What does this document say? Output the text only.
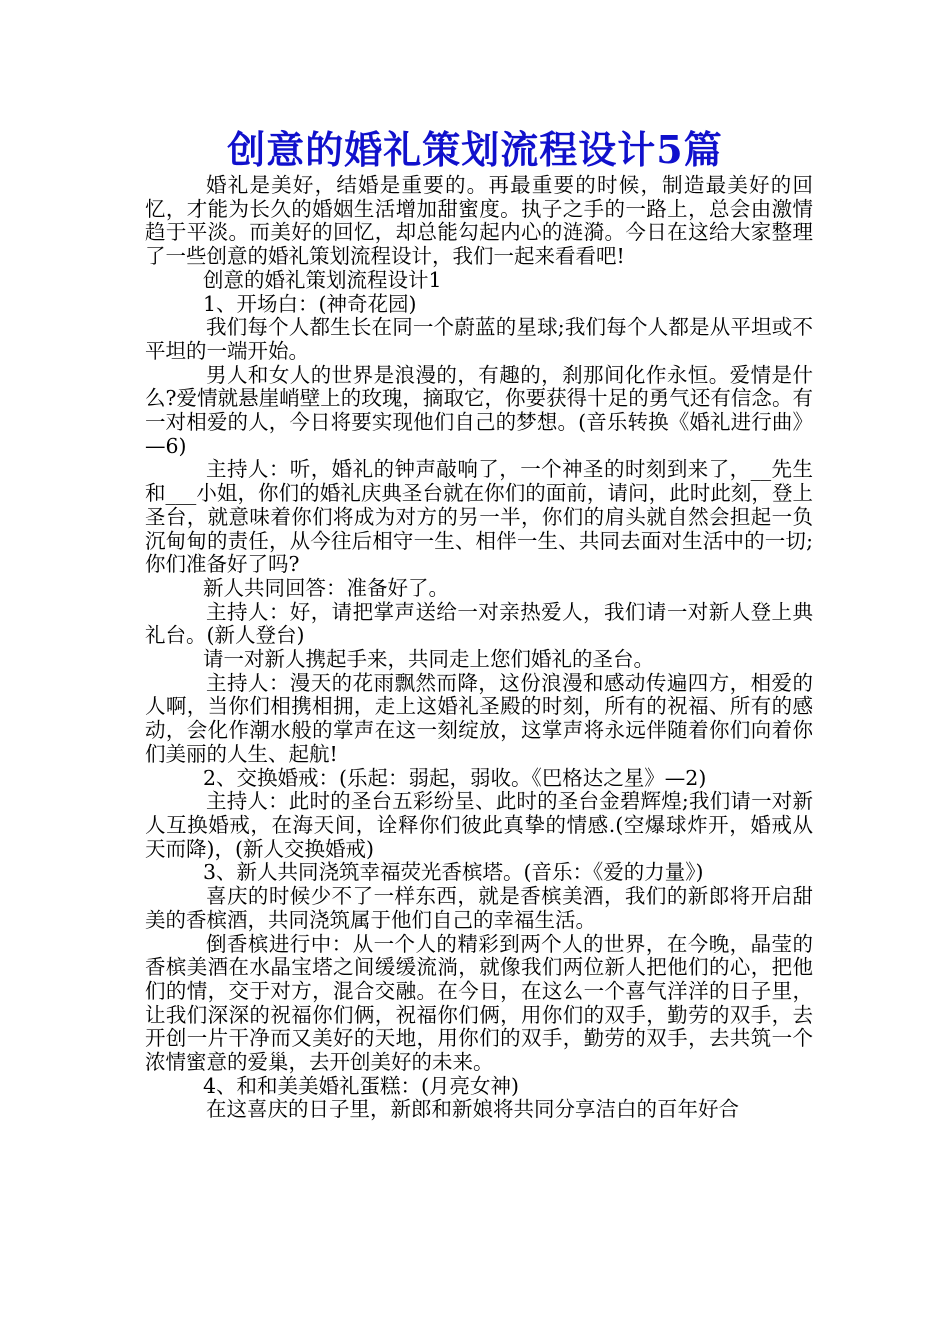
创意的婚礼策划流程设计5篇

婚礼是美好，结婚是重要的。再最重要的时候，制造最美好的回忆，才能为长久的婚姻生活增加甜蜜度。执子之手的一路上，总会由激情趋于平淡。而美好的回忆，却总能勾起内心的涟漪。今日在这给大家整理了一些创意的婚礼策划流程设计，我们一起来看看吧!

创意的婚礼策划流程设计1

1、开场白：(神奇花园)

我们每个人都生长在同一个蔚蓝的星球;我们每个人都是从平坦或不平坦的一端开始。

男人和女人的世界是浪漫的，有趣的，刹那间化作永恒。爱情是什么?爱情就悬崖峭壁上的玫瑰，摘取它，你要获得十足的勇气还有信念。有一对相爱的人，今日将要实现他们自己的梦想。(音乐转换《婚礼进行曲》—6)

主持人：听，婚礼的钟声敲响了，一个神圣的时刻到来了，__先生和___小姐，你们的婚礼庆典圣台就在你们的面前，请问，此时此刻，登上圣台，就意味着你们将成为对方的另一半，你们的肩头就自然会担起一负沉甸甸的责任，从今往后相守一生、相伴一生、共同去面对生活中的一切;你们准备好了吗?

新人共同回答：准备好了。

主持人：好，请把掌声送给一对亲热爱人，我们请一对新人登上典礼台。(新人登台)

请一对新人携起手来，共同走上您们婚礼的圣台。

主持人：漫天的花雨飘然而降，这份浪漫和感动传遍四方，相爱的人啊，当你们相携相拥，走上这婚礼圣殿的时刻，所有的祝福、所有的感动，会化作潮水般的掌声在这一刻绽放，这掌声将永远伴随着你们向着你们美丽的人生、起航!

2、交换婚戒：(乐起：弱起，弱收。《巴格达之星》—2)

主持人：此时的圣台五彩纷呈、此时的圣台金碧辉煌;我们请一对新人互换婚戒，在海天间，诠释你们彼此真挚的情感.(空爆球炸开，婚戒从天而降)，(新人交换婚戒)

3、新人共同浇筑幸福荧光香槟塔。(音乐：《爱的力量》)

喜庆的时候少不了一样东西，就是香槟美酒，我们的新郎将开启甜美的香槟酒，共同浇筑属于他们自己的幸福生活。

倒香槟进行中：从一个人的精彩到两个人的世界，在今晚，晶莹的香槟美酒在水晶宝塔之间缓缓流淌，就像我们两位新人把他们的心，把他们的情，交于对方，混合交融。在今日，在这么一个喜气洋洋的日子里，让我们深深的祝福你们俩，祝福你们俩，用你们的双手，勤劳的双手，去开创一片干净而又美好的天地，用你们的双手，勤劳的双手，去共筑一个浓情蜜意的爱巢，去开创美好的未来。

4、和和美美婚礼蛋糕：(月亮女神)

在这喜庆的日子里，新郎和新娘将共同分享洁白的百年好合
